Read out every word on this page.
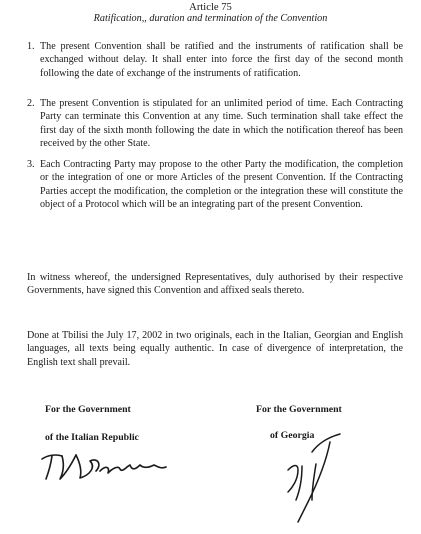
Article 75
Ratification,, duration and termination of the Convention
1. The present Convention shall be ratified and the instruments of ratification shall be exchanged without delay. It shall enter into force the first day of the second month following the date of exchange of the instruments of ratification.
2. The present Convention is stipulated for an unlimited period of time. Each Contracting Party can terminate this Convention at any time. Such termination shall take effect the first day of the sixth month following the date in which the notification thereof has been received by the other State.
3. Each Contracting Party may propose to the other Party the modification, the completion or the integration of one or more Articles of the present Convention. If the Contracting Parties accept the modification, the completion or the integration these will constitute the object of a Protocol which will be an integrating part of the present Convention.
In witness whereof, the undersigned Representatives, duly authorised by their respective Governments, have signed this Convention and affixed seals thereto.
Done at Tbilisi the July 17, 2002 in two originals, each in the Italian, Georgian and English languages, all texts being equally authentic. In case of divergence of interpretation, the English text shall prevail.
For the Government
of the Italian Republic
For the Government
of Georgia
